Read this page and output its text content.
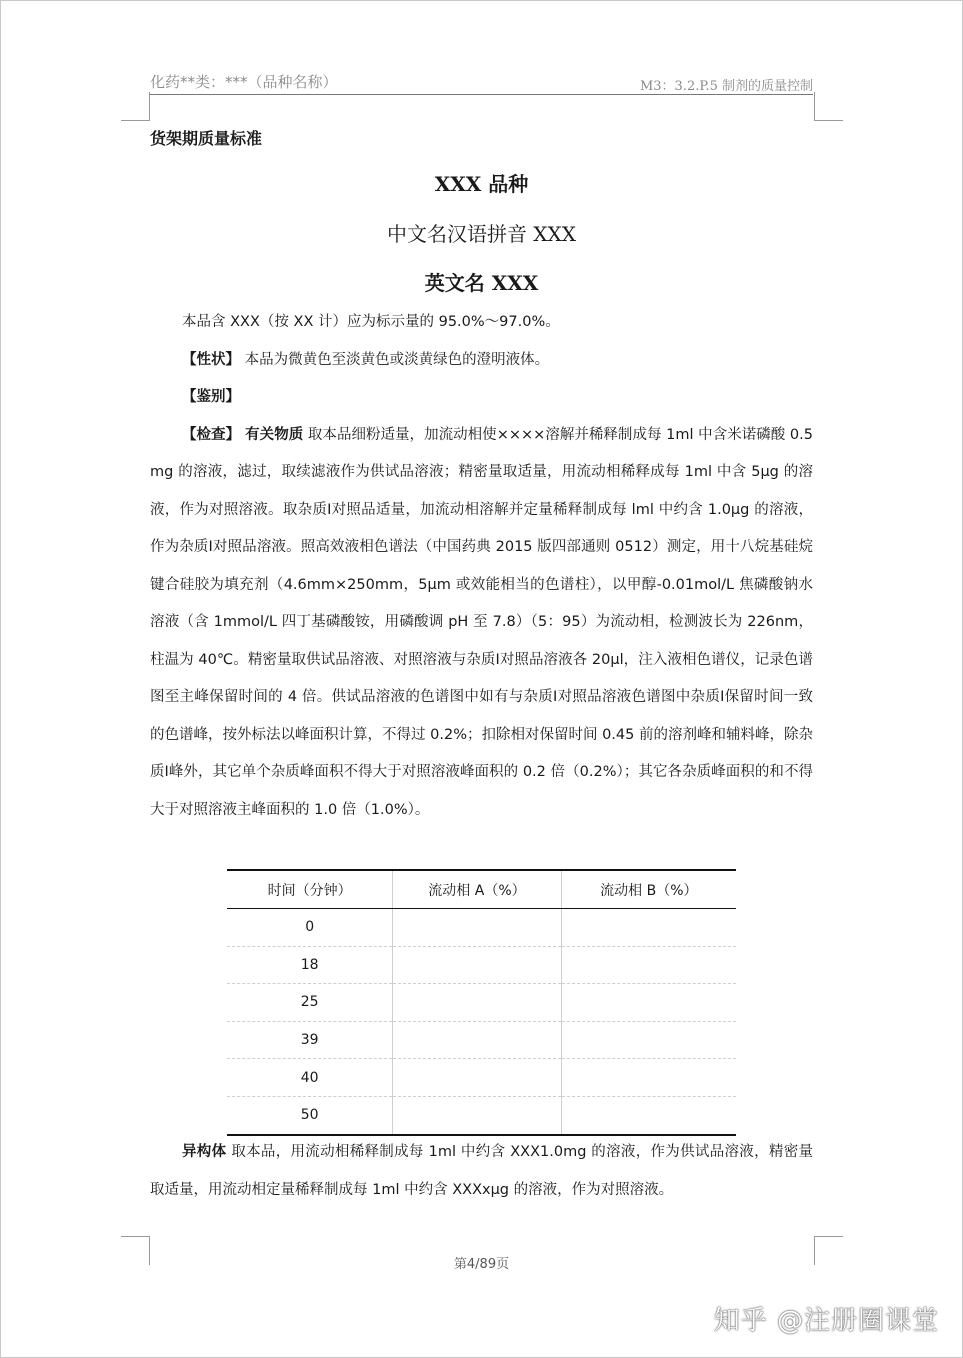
化药**类：***（品种名称）	M3：3.2.P.5 制剂的质量控制
货架期质量标准
XXX 品种
中文名汉语拼音 XXX
英文名 XXX

本品含 XXX（按 XX 计）应为标示量的 95.0%～97.0%。

【性状】 本品为微黄色至淡黄色或淡黄绿色的澄明液体。

【鉴别】

【检查】 有关物质 取本品细粉适量，加流动相使××××溶解并稀释制成每 1ml 中含米诺磷酸 0.5 mg 的溶液，滤过，取续滤液作为供试品溶液；精密量取适量，用流动相稀释成每 1ml 中含 5μg 的溶液，作为对照溶液。取杂质Ⅰ对照品适量，加流动相溶解并定量稀释制成每 lml 中约含 1.0μg 的溶液，作为杂质Ⅰ对照品溶液。照高效液相色谱法（中国药典 2015 版四部通则 0512）测定，用十八烷基硅烷键合硅胶为填充剂（4.6mm×250mm，5μm 或效能相当的色谱柱），以甲醇-0.01mol/L 焦磷酸钠水溶液（含 1mmol/L 四丁基磷酸铵，用磷酸调 pH 至 7.8）（5：95）为流动相，检测波长为 226nm，柱温为 40℃。精密量取供试品溶液、对照溶液与杂质Ⅰ对照品溶液各 20μl，注入液相色谱仪，记录色谱图至主峰保留时间的 4 倍。供试品溶液的色谱图中如有与杂质Ⅰ对照品溶液色谱图中杂质Ⅰ保留时间一致的色谱峰，按外标法以峰面积计算，不得过 0.2%；扣除相对保留时间 0.45 前的溶剂峰和辅料峰，除杂质Ⅰ峰外，其它单个杂质峰面积不得大于对照溶液峰面积的 0.2 倍（0.2%）；其它各杂质峰面积的和不得大于对照溶液主峰面积的 1.0 倍（1.0%）。

时间（分钟）	流动相 A（%）	流动相 B（%）
0		
18		
25		
39		
40		
50		

异构体 取本品，用流动相稀释制成每 1ml 中约含 XXX1.0mg 的溶液，作为供试品溶液，精密量取适量，用流动相定量稀释制成每 1ml 中约含 XXXxμg 的溶液，作为对照溶液。

第4/89页
知乎 @注册圈课堂
